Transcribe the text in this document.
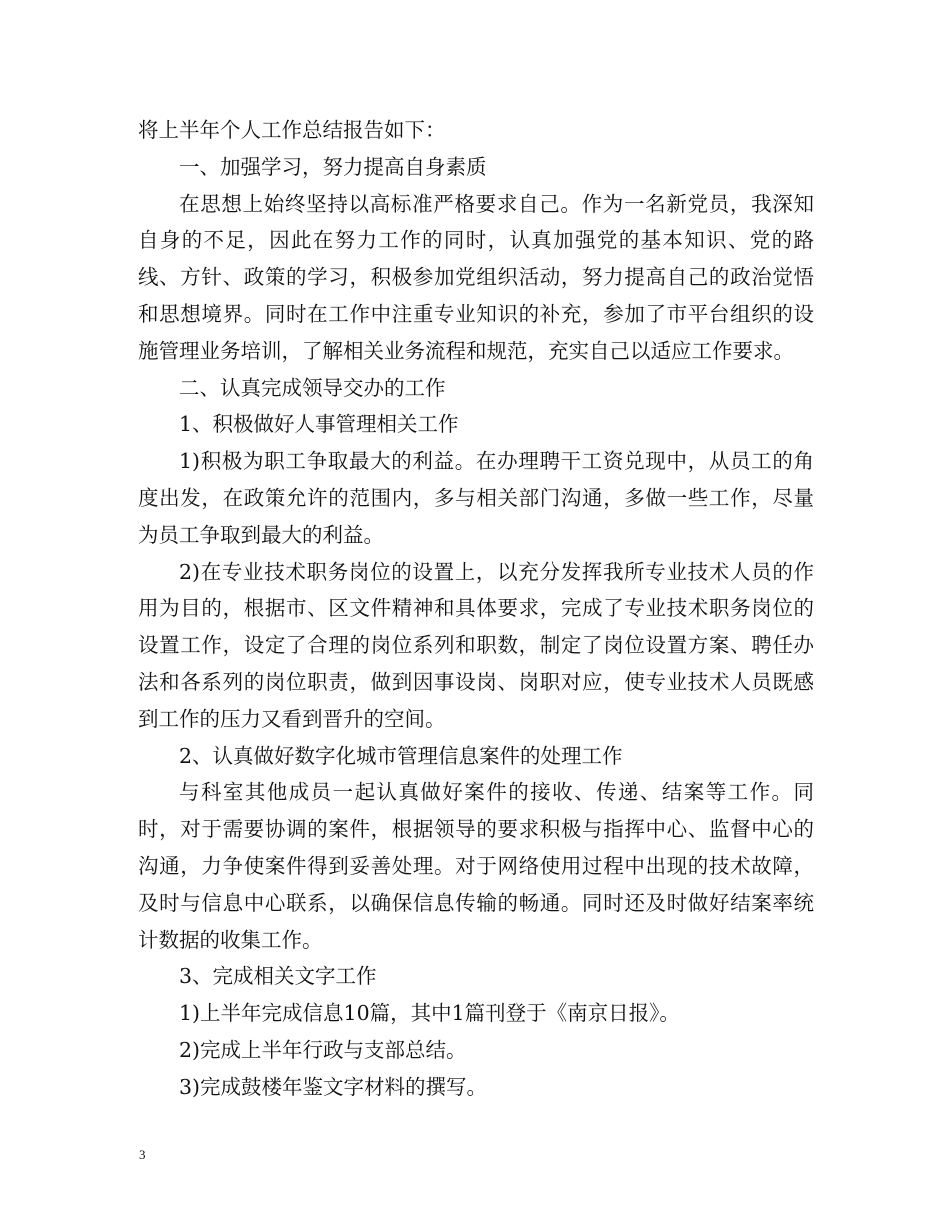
将上半年个人工作总结报告如下：

一、加强学习，努力提高自身素质

在思想上始终坚持以高标准严格要求自己。作为一名新党员，我深知自身的不足，因此在努力工作的同时，认真加强党的基本知识、党的路线、方针、政策的学习，积极参加党组织活动，努力提高自己的政治觉悟和思想境界。同时在工作中注重专业知识的补充，参加了市平台组织的设施管理业务培训，了解相关业务流程和规范，充实自己以适应工作要求。

二、认真完成领导交办的工作

1、积极做好人事管理相关工作

1)积极为职工争取最大的利益。在办理聘干工资兑现中，从员工的角度出发，在政策允许的范围内，多与相关部门沟通，多做一些工作，尽量为员工争取到最大的利益。

2)在专业技术职务岗位的设置上，以充分发挥我所专业技术人员的作用为目的，根据市、区文件精神和具体要求，完成了专业技术职务岗位的设置工作，设定了合理的岗位系列和职数，制定了岗位设置方案、聘任办法和各系列的岗位职责，做到因事设岗、岗职对应，使专业技术人员既感到工作的压力又看到晋升的空间。

2、认真做好数字化城市管理信息案件的处理工作

与科室其他成员一起认真做好案件的接收、传递、结案等工作。同时，对于需要协调的案件，根据领导的要求积极与指挥中心、监督中心的沟通，力争使案件得到妥善处理。对于网络使用过程中出现的技术故障，及时与信息中心联系，以确保信息传输的畅通。同时还及时做好结案率统计数据的收集工作。

3、完成相关文字工作

1)上半年完成信息10篇，其中1篇刊登于《南京日报》。

2)完成上半年行政与支部总结。

3)完成鼓楼年鉴文字材料的撰写。

3
